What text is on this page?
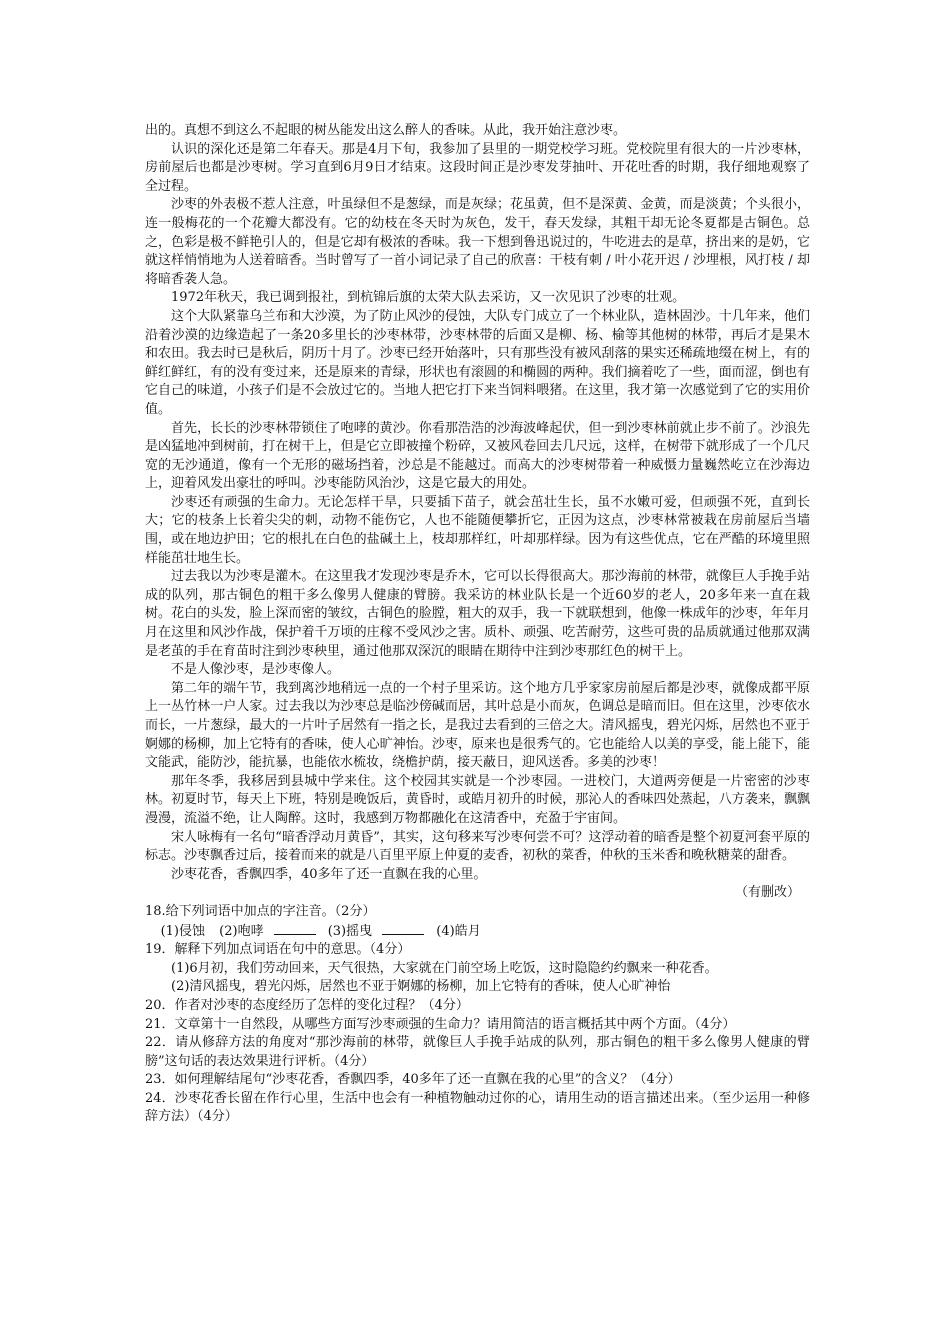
出的。真想不到这么不起眼的树丛能发出这么醉人的香味。从此，我开始注意沙枣。

认识的深化还是第二年春天。那是4月下旬，我参加了县里的一期党校学习班。党校院里有很大的一片沙枣林，房前屋后也都是沙枣树。学习直到6月9日才结束。这段时间正是沙枣发芽抽叶、开花吐香的时期，我仔细地观察了全过程。

沙枣的外表极不惹人注意，叶虽绿但不是葱绿，而是灰绿；花虽黄，但不是深黄、金黄，而是淡黄；个头很小，连一般梅花的一个花瓣大都没有。它的幼枝在冬天时为灰色，发干，春天发绿，其粗干却无论冬夏都是古铜色。总之，色彩是极不鲜艳引人的，但是它却有极浓的香味。我一下想到鲁迅说过的，牛吃进去的是草，挤出来的是奶，它就这样悄悄地为人送着暗香。当时曾写了一首小词记录了自己的欣喜：干枝有刺 / 叶小花开迟 / 沙埋根，风打枝 / 却将暗香袭人急。

1972年秋天，我已调到报社，到杭锦后旗的太荣大队去采访，又一次见识了沙枣的壮观。

这个大队紧靠乌兰布和大沙漠，为了防止风沙的侵蚀，大队专门成立了一个林业队，造林固沙。十几年来，他们沿着沙漠的边缘造起了一条20多里长的沙枣林带，沙枣林带的后面又是柳、杨、榆等其他树的林带，再后才是果木和农田。我去时已是秋后，阴历十月了。沙枣已经开始落叶，只有那些没有被风刮落的果实还稀疏地缀在树上，有的鲜红鲜红，有的没有变过来，还是原来的青绿，形状也有滚圆的和椭圆的两种。我们摘着吃了一些，面而涩，倒也有它自己的味道，小孩子们是不会放过它的。当地人把它打下来当饲料喂猪。在这里，我才第一次感觉到了它的实用价值。

首先，长长的沙枣林带锁住了咆哮的黄沙。你看那浩浩的沙海波峰起伏，但一到沙枣林前就止步不前了。沙浪先是凶猛地冲到树前，打在树干上，但是它立即被撞个粉碎，又被风卷回去几尺远，这样，在树带下就形成了一个几尺宽的无沙通道，像有一个无形的磁场挡着，沙总是不能越过。而高大的沙枣树带着一种威慑力量巍然屹立在沙海边上，迎着风发出豪壮的呼叫。沙枣能防风治沙，这是它最大的用处。

沙枣还有顽强的生命力。无论怎样干旱，只要插下苗子，就会茁壮生长，虽不水嫩可爱，但顽强不死，直到长大；它的枝条上长着尖尖的刺，动物不能伤它，人也不能随便攀折它，正因为这点，沙枣林常被栽在房前屋后当墙围，或在地边护田；它的根扎在白色的盐碱土上，枝却那样红，叶却那样绿。因为有这些优点，它在严酷的环境里照样能茁壮地生长。

过去我以为沙枣是灌木。在这里我才发现沙枣是乔木，它可以长得很高大。那沙海前的林带，就像巨人手挽手站成的队列，那古铜色的粗干多么像男人健康的臂膀。我采访的林业队长是一个近60岁的老人，20多年来一直在栽树。花白的头发，脸上深而密的皱纹，古铜色的脸膛，粗大的双手，我一下就联想到，他像一株成年的沙枣，年年月月在这里和风沙作战，保护着千万顷的庄稼不受风沙之害。质朴、顽强、吃苦耐劳，这些可贵的品质就通过他那双满是老茧的手在育苗时注到沙枣秧里，通过他那双深沉的眼睛在期待中注到沙枣那红色的树干上。

不是人像沙枣，是沙枣像人。

第二年的端午节，我到离沙地稍远一点的一个村子里采访。这个地方几乎家家房前屋后都是沙枣，就像成都平原上一丛竹林一户人家。过去我以为沙枣总是临沙傍碱而居，其叶总是小而灰，色调总是暗而旧。但在这里，沙枣依水而长，一片葱绿，最大的一片叶子居然有一指之长，是我过去看到的三倍之大。清风摇曳，碧光闪烁，居然也不亚于婀娜的杨柳，加上它特有的香味，使人心旷神怡。沙枣，原来也是很秀气的。它也能给人以美的享受，能上能下，能文能武，能防沙，能抗暴，也能依水梳妆，绕檐护荫，接天蔽日，迎风送香。多美的沙枣！

那年冬季，我移居到县城中学来住。这个校园其实就是一个沙枣园。一进校门，大道两旁便是一片密密的沙枣林。初夏时节，每天上下班，特别是晚饭后，黄昏时，或皓月初升的时候，那沁人的香味四处蒸起，八方袭来，飘飘漫漫，流溢不绝，让人陶醉。这时，我感到万物都融化在这清香中，充盈于宇宙间。

宋人咏梅有一名句“暗香浮动月黄昏”，其实，这句移来写沙枣何尝不可？这浮动着的暗香是整个初夏河套平原的标志。沙枣飘香过后，接着而来的就是八百里平原上仲夏的麦香，初秋的菜香，仲秋的玉米香和晚秋糖菜的甜香。

沙枣花香，香飘四季，40多年了还一直飘在我的心里。

（有删改）

18.给下列词语中加点的字注音。（2分）

(1)侵蚀 (2)咆哮	(3)摇曳	(4)皓月

19．解释下列加点词语在句中的意思。（4分）

(1)6月初，我们劳动回来，天气很热，大家就在门前空场上吃饭，这时隐隐约约飘来一种花香。

(2)清风摇曳，碧光闪烁，居然也不亚于婀娜的杨柳，加上它特有的香味，使人心旷神怡

20．作者对沙枣的态度经历了怎样的变化过程？（4分）

21．文章第十一自然段，从哪些方面写沙枣顽强的生命力？请用简洁的语言概括其中两个方面。（4分）

22．请从修辞方法的角度对“那沙海前的林带，就像巨人手挽手站成的队列，那古铜色的粗干多么像男人健康的臂膀”这句话的表达效果进行评析。（4分）

23．如何理解结尾句“沙枣花香，香飘四季，40多年了还一直飘在我的心里”的含义？（4分）

24．沙枣花香长留在作行心里，生活中也会有一种植物触动过你的心，请用生动的语言描述出来。（至少运用一种修辞方法）（4分）
